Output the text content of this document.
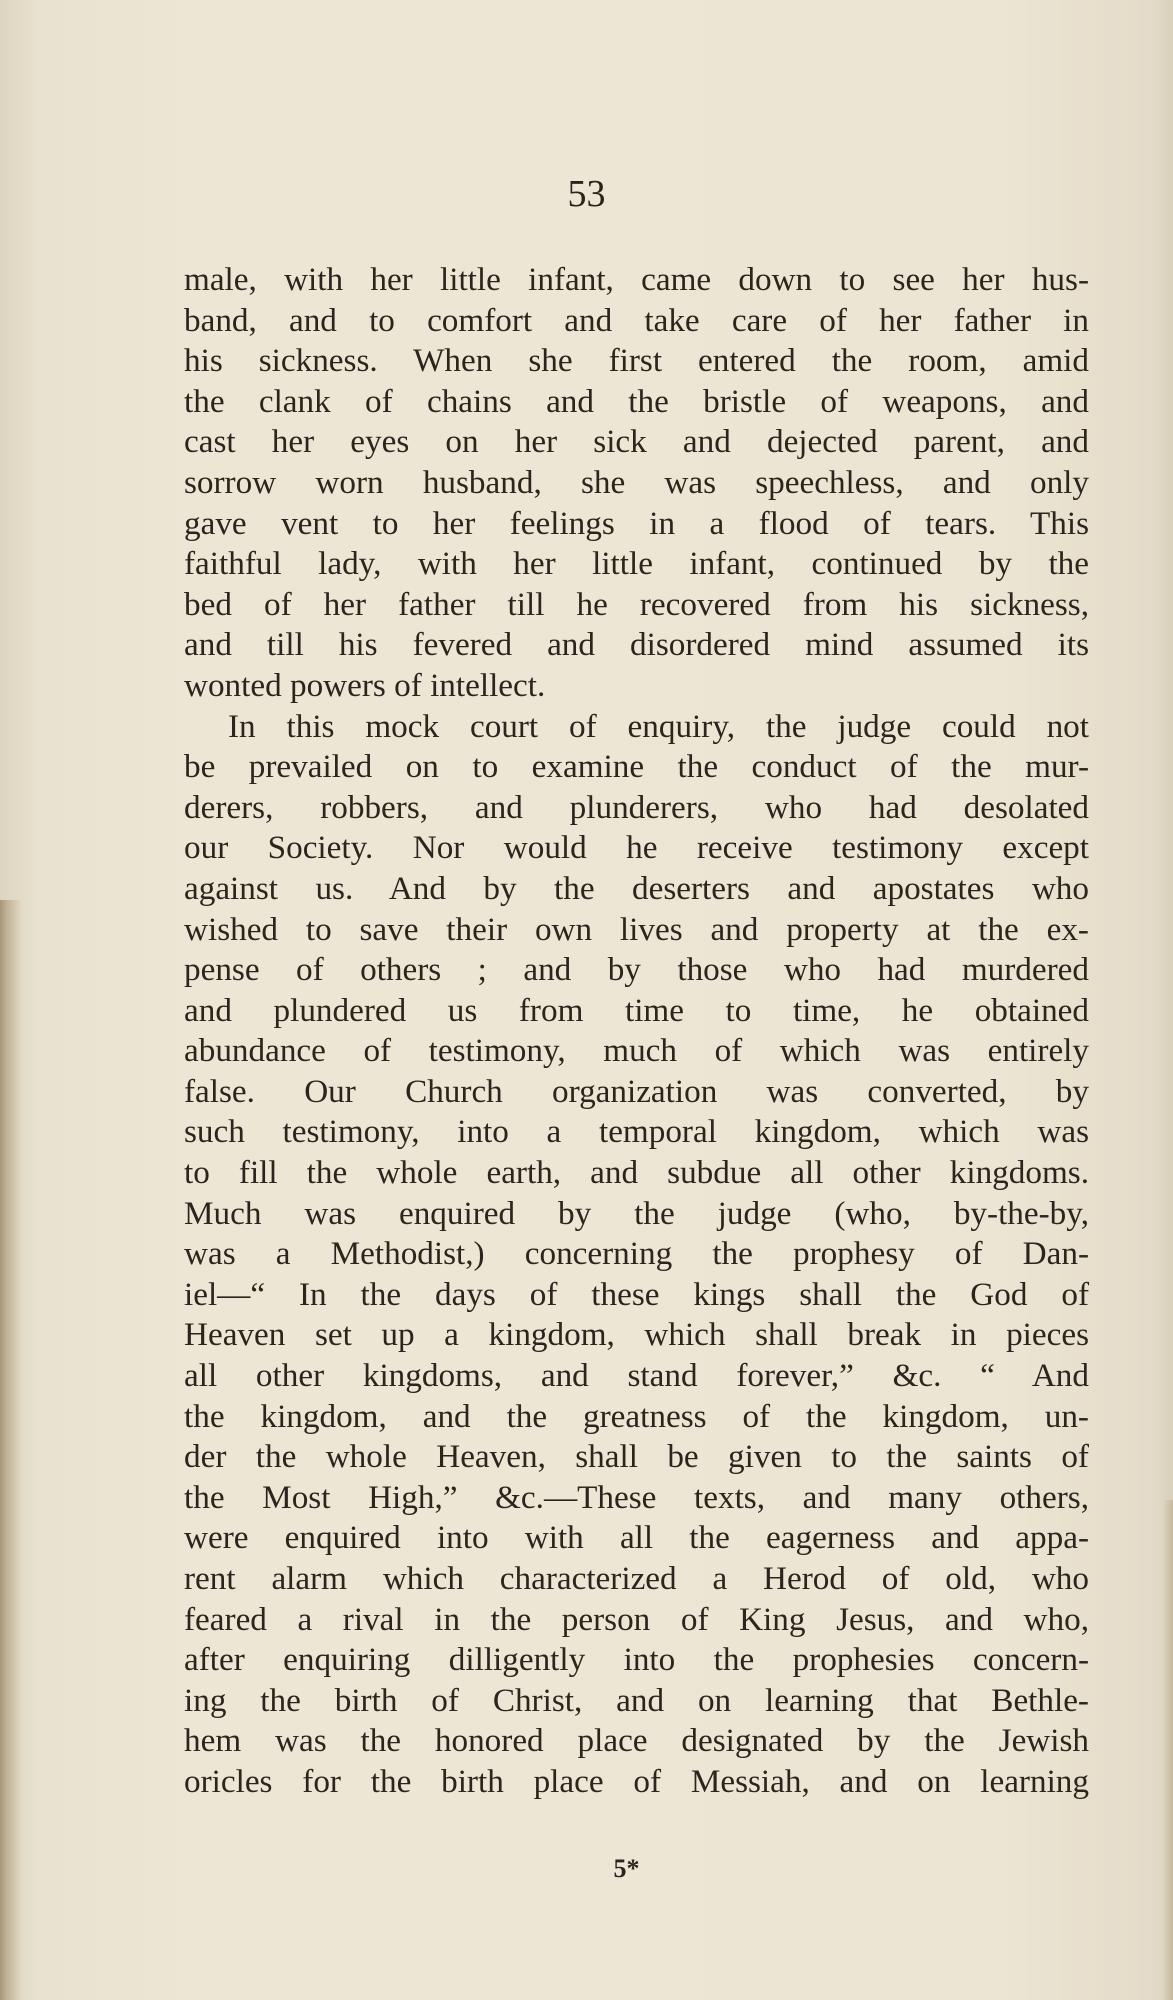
53
male, with her little infant, came down to see her hus-
band, and to comfort and take care of her father in
his sickness. When she first entered the room, amid
the clank of chains and the bristle of weapons, and
cast her eyes on her sick and dejected parent, and
sorrow worn husband, she was speechless, and only
gave vent to her feelings in a flood of tears. This
faithful lady, with her little infant, continued by the
bed of her father till he recovered from his sickness,
and till his fevered and disordered mind assumed its
wonted powers of intellect.
In this mock court of enquiry, the judge could not
be prevailed on to examine the conduct of the mur-
derers, robbers, and plunderers, who had desolated
our Society. Nor would he receive testimony except
against us. And by the deserters and apostates who
wished to save their own lives and property at the ex-
pense of others ; and by those who had murdered
and plundered us from time to time, he obtained
abundance of testimony, much of which was entirely
false. Our Church organization was converted, by
such testimony, into a temporal kingdom, which was
to fill the whole earth, and subdue all other kingdoms.
Much was enquired by the judge (who, by-the-by,
was a Methodist,) concerning the prophesy of Dan-
iel—“ In the days of these kings shall the God of
Heaven set up a kingdom, which shall break in pieces
all other kingdoms, and stand forever,” &c. “ And
the kingdom, and the greatness of the kingdom, un-
der the whole Heaven, shall be given to the saints of
the Most High,” &c.—These texts, and many others,
were enquired into with all the eagerness and appa-
rent alarm which characterized a Herod of old, who
feared a rival in the person of King Jesus, and who,
after enquiring dilligently into the prophesies concern-
ing the birth of Christ, and on learning that Bethle-
hem was the honored place designated by the Jewish
oricles for the birth place of Messiah, and on learning
5*
